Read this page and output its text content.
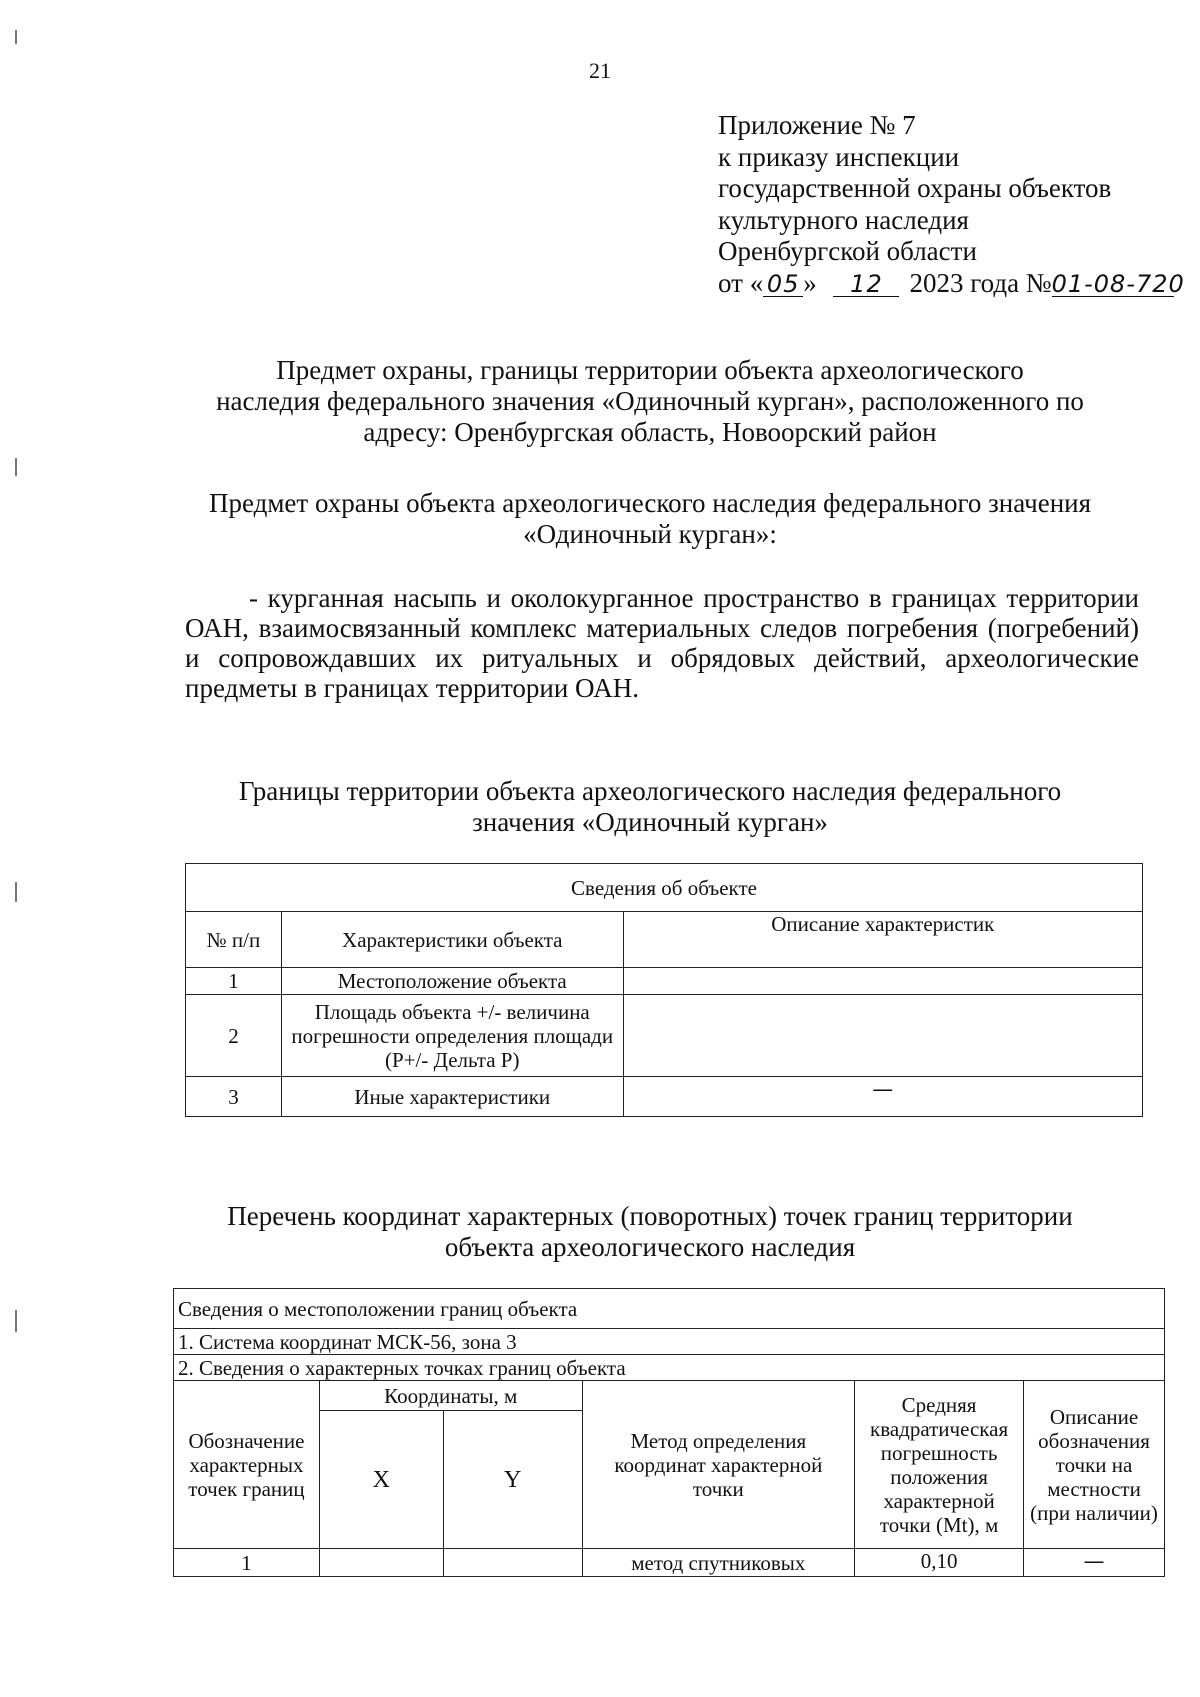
21
Приложение № 7
к приказу инспекции
государственной охраны объектов
культурного наследия
Оренбургской области
от « 05 » 12 2023 года №01-08-720
Предмет охраны, границы территории объекта археологического
наследия федерального значения «Одиночный курган», расположенного по
адресу: Оренбургская область, Новоорский район
Предмет охраны объекта археологического наследия федерального значения
«Одиночный курган»:
- курганная насыпь и околокурганное пространство в границах территории ОАН, взаимосвязанный комплекс материальных следов погребения (погребений) и сопровождавших их ритуальных и обрядовых действий, археологические предметы в границах территории ОАН.
Границы территории объекта археологического наследия федерального
значения «Одиночный курган»
Сведения об объекте		
№ п/п	Характеристики объекта	Описание характеристик
1	Местоположение объекта	
2	Площадь объекта +/- величина погрешности определения площади (Р+/- Дельта Р)	
3	Иные характеристики	—
Перечень координат характерных (поворотных) точек границ территории
объекта археологического наследия
Сведения о местоположении границ объекта					
1. Система координат МСК-56, зона 3					
2. Сведения о характерных точках границ объекта					
Обозначение характерных точек границ	Координаты, м		Метод определения координат характерной точки	Средняя квадратическая погрешность положения характерной точки (Mt), м	Описание обозначения точки на местности (при наличии)
	X	Y			
1			метод спутниковых	0,10	—
